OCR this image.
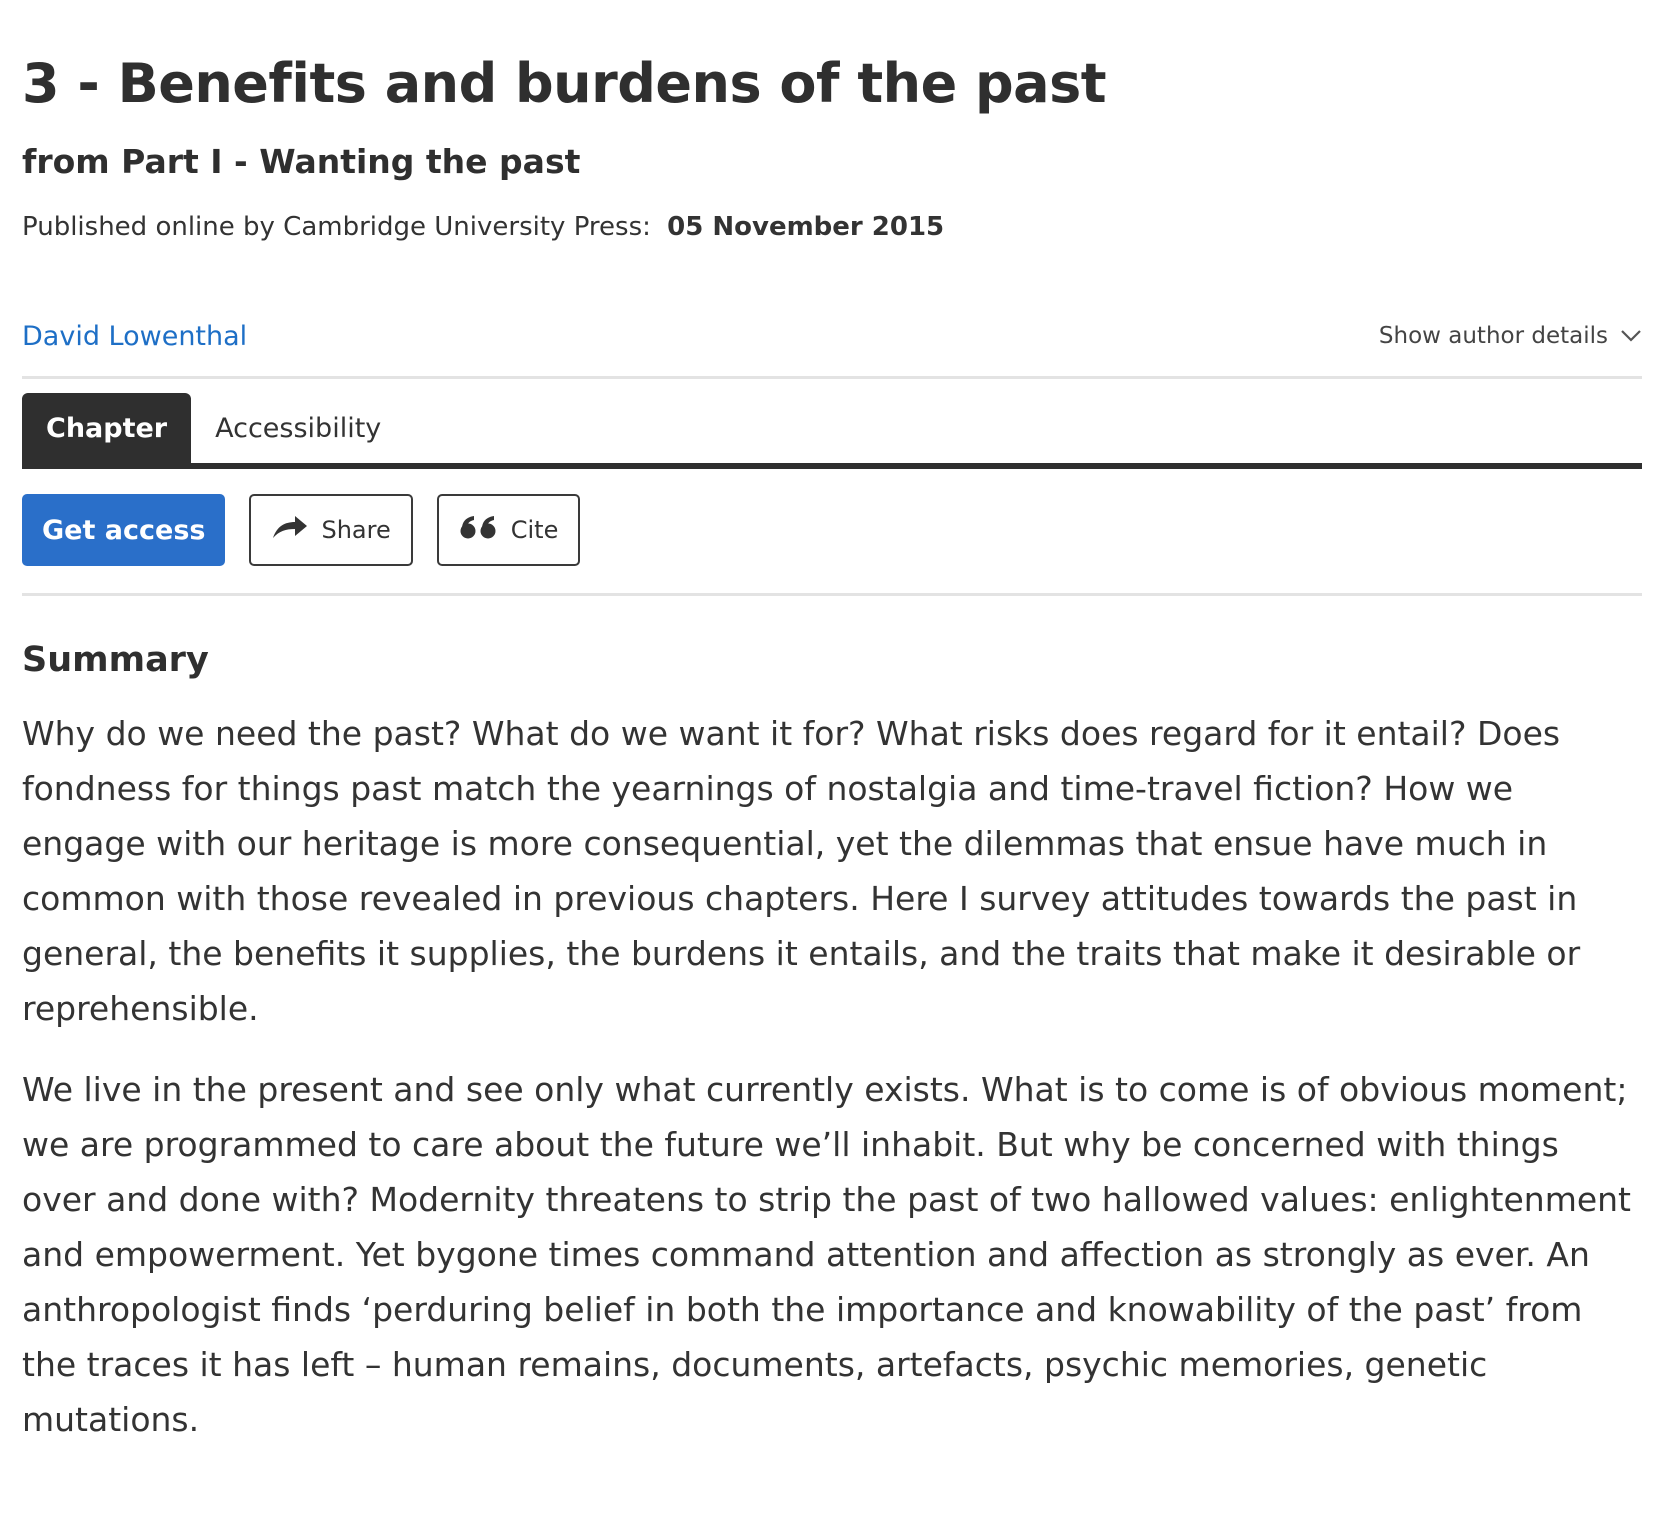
3 - Benefits and burdens of the past
from Part I - Wanting the past
Published online by Cambridge University Press: 05 November 2015
David Lowenthal	Show author details
Chapter	Accessibility
Get access	Share	Cite
Summary

Why do we need the past? What do we want it for? What risks does regard for it entail? Does fondness for things past match the yearnings of nostalgia and time-travel fiction? How we engage with our heritage is more consequential, yet the dilemmas that ensue have much in common with those revealed in previous chapters. Here I survey attitudes towards the past in general, the benefits it supplies, the burdens it entails, and the traits that make it desirable or reprehensible.

We live in the present and see only what currently exists. What is to come is of obvious moment; we are programmed to care about the future we’ll inhabit. But why be concerned with things over and done with? Modernity threatens to strip the past of two hallowed values: enlightenment and empowerment. Yet bygone times command attention and affection as strongly as ever. An anthropologist finds ‘perduring belief in both the importance and knowability of the past’ from the traces it has left – human remains, documents, artefacts, psychic memories, genetic mutations.
